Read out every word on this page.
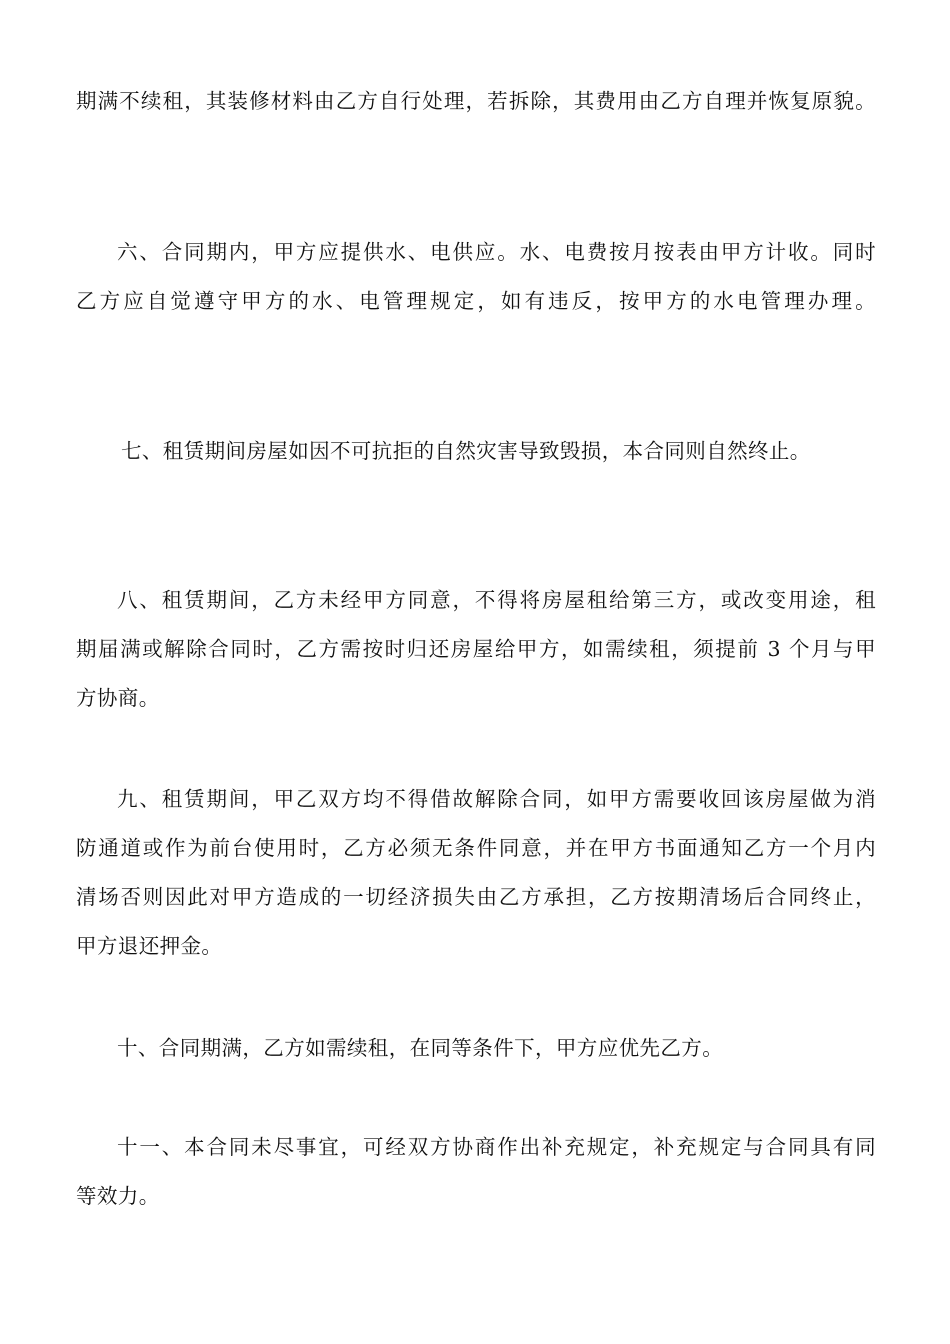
期满不续租，其装修材料由乙方自行处理，若拆除，其费用由乙方自理并恢复原貌。
六、合同期内，甲方应提供水、电供应。水、电费按月按表由甲方计收。同时
乙方应自觉遵守甲方的水、电管理规定，如有违反，按甲方的水电管理办理。
七、租赁期间房屋如因不可抗拒的自然灾害导致毁损，本合同则自然终止。
八、租赁期间，乙方未经甲方同意，不得将房屋租给第三方，或改变用途，租
期届满或解除合同时，乙方需按时归还房屋给甲方，如需续租，须提前 3 个月与甲
方协商。
九、租赁期间，甲乙双方均不得借故解除合同，如甲方需要收回该房屋做为消
防通道或作为前台使用时，乙方必须无条件同意，并在甲方书面通知乙方一个月内
清场否则因此对甲方造成的一切经济损失由乙方承担，乙方按期清场后合同终止，
甲方退还押金。
十、合同期满，乙方如需续租，在同等条件下，甲方应优先乙方。
十一、本合同未尽事宜，可经双方协商作出补充规定，补充规定与合同具有同
等效力。
